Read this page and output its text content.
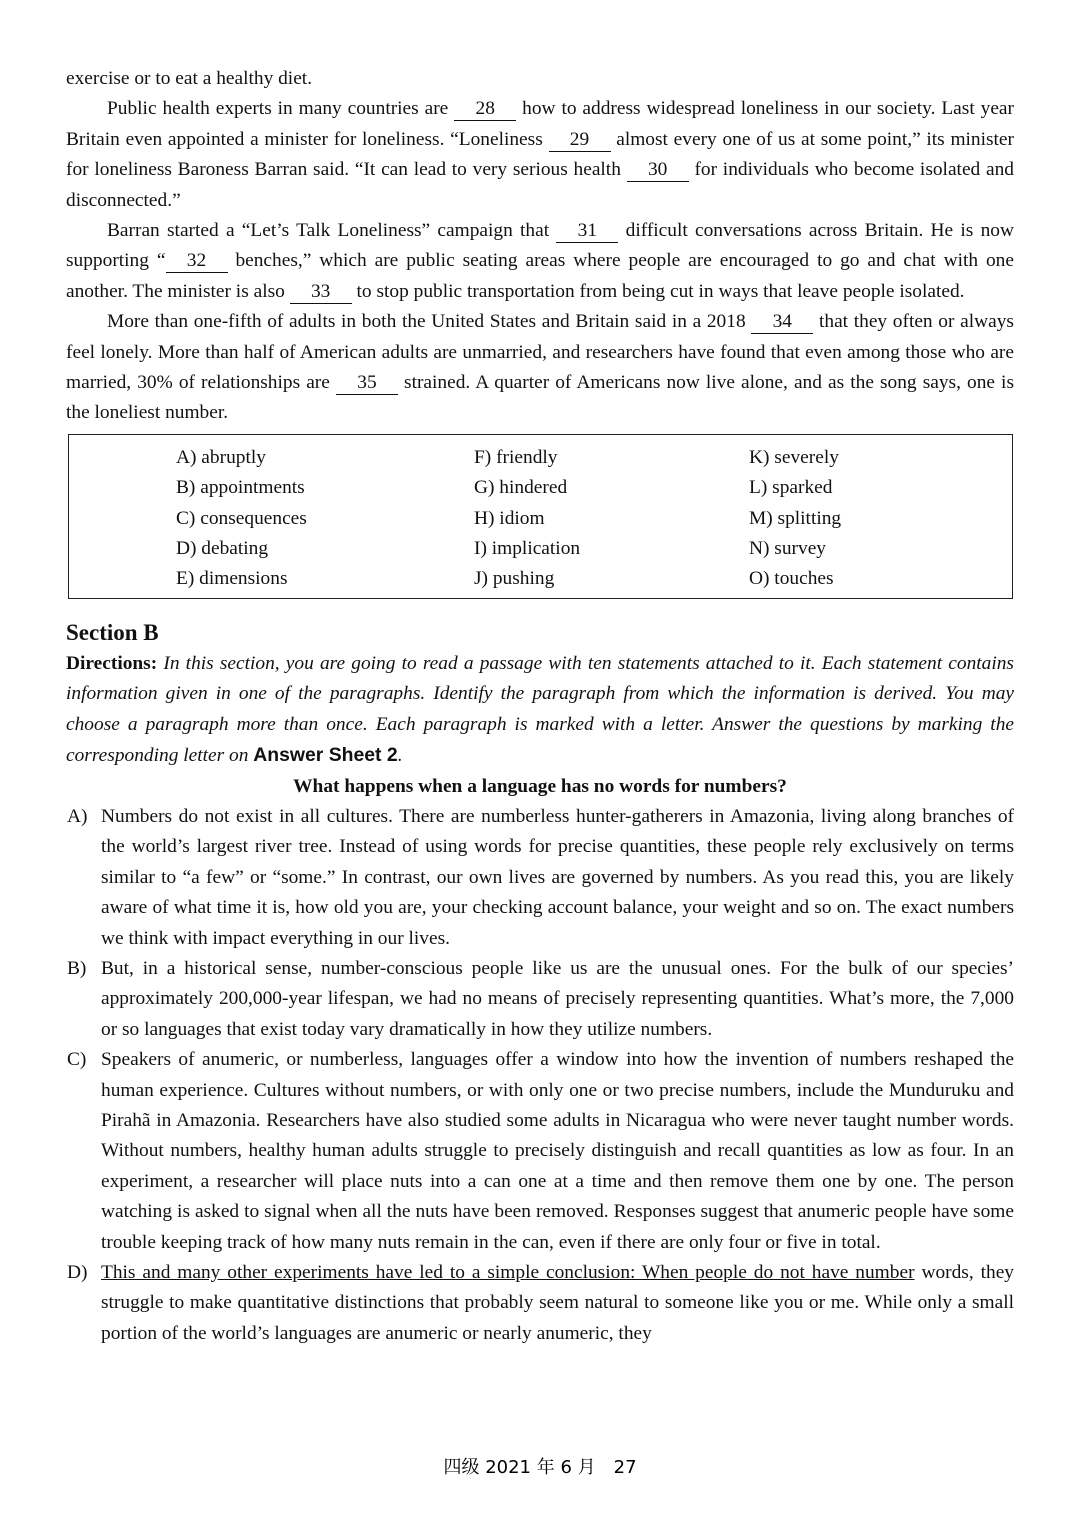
exercise or to eat a healthy diet.

Public health experts in many countries are 28 how to address widespread loneliness in our society. Last year Britain even appointed a minister for loneliness. “Loneliness 29 almost every one of us at some point,” its minister for loneliness Baroness Barran said. “It can lead to very serious health 30 for individuals who become isolated and disconnected.”

Barran started a “Let’s Talk Loneliness” campaign that 31 difficult conversations across Britain. He is now supporting “ 32 benches,” which are public seating areas where people are encouraged to go and chat with one another. The minister is also 33 to stop public transportation from being cut in ways that leave people isolated.

More than one-fifth of adults in both the United States and Britain said in a 2018 34 that they often or always feel lonely. More than half of American adults are unmarried, and researchers have found that even among those who are married, 30% of relationships are 35 strained. A quarter of Americans now live alone, and as the song says, one is the loneliest number.

A) abruptly
B) appointments
C) consequences
D) debating
E) dimensions
F) friendly
G) hindered
H) idiom
I) implication
J) pushing
K) severely
L) sparked
M) splitting
N) survey
O) touches
Section B

Directions: In this section, you are going to read a passage with ten statements attached to it. Each statement contains information given in one of the paragraphs. Identify the paragraph from which the information is derived. You may choose a paragraph more than once. Each paragraph is marked with a letter. Answer the questions by marking the corresponding letter on Answer Sheet 2.

What happens when a language has no words for numbers?

A) Numbers do not exist in all cultures. There are numberless hunter-gatherers in Amazonia, living along branches of the world’s largest river tree. Instead of using words for precise quantities, these people rely exclusively on terms similar to “a few” or “some.” In contrast, our own lives are governed by numbers. As you read this, you are likely aware of what time it is, how old you are, your checking account balance, your weight and so on. The exact numbers we think with impact everything in our lives.

B) But, in a historical sense, number-conscious people like us are the unusual ones. For the bulk of our species’ approximately 200,000-year lifespan, we had no means of precisely representing quantities. What’s more, the 7,000 or so languages that exist today vary dramatically in how they utilize numbers.

C) Speakers of anumeric, or numberless, languages offer a window into how the invention of numbers reshaped the human experience. Cultures without numbers, or with only one or two precise numbers, include the Munduruku and Pirahã in Amazonia. Researchers have also studied some adults in Nicaragua who were never taught number words. Without numbers, healthy human adults struggle to precisely distinguish and recall quantities as low as four. In an experiment, a researcher will place nuts into a can one at a time and then remove them one by one. The person watching is asked to signal when all the nuts have been removed. Responses suggest that anumeric people have some trouble keeping track of how many nuts remain in the can, even if there are only four or five in total.

D) This and many other experiments have led to a simple conclusion: When people do not have number words, they struggle to make quantitative distinctions that probably seem natural to someone like you or me. While only a small portion of the world’s languages are anumeric or nearly anumeric, they

四级 2021 年 6 月　27
